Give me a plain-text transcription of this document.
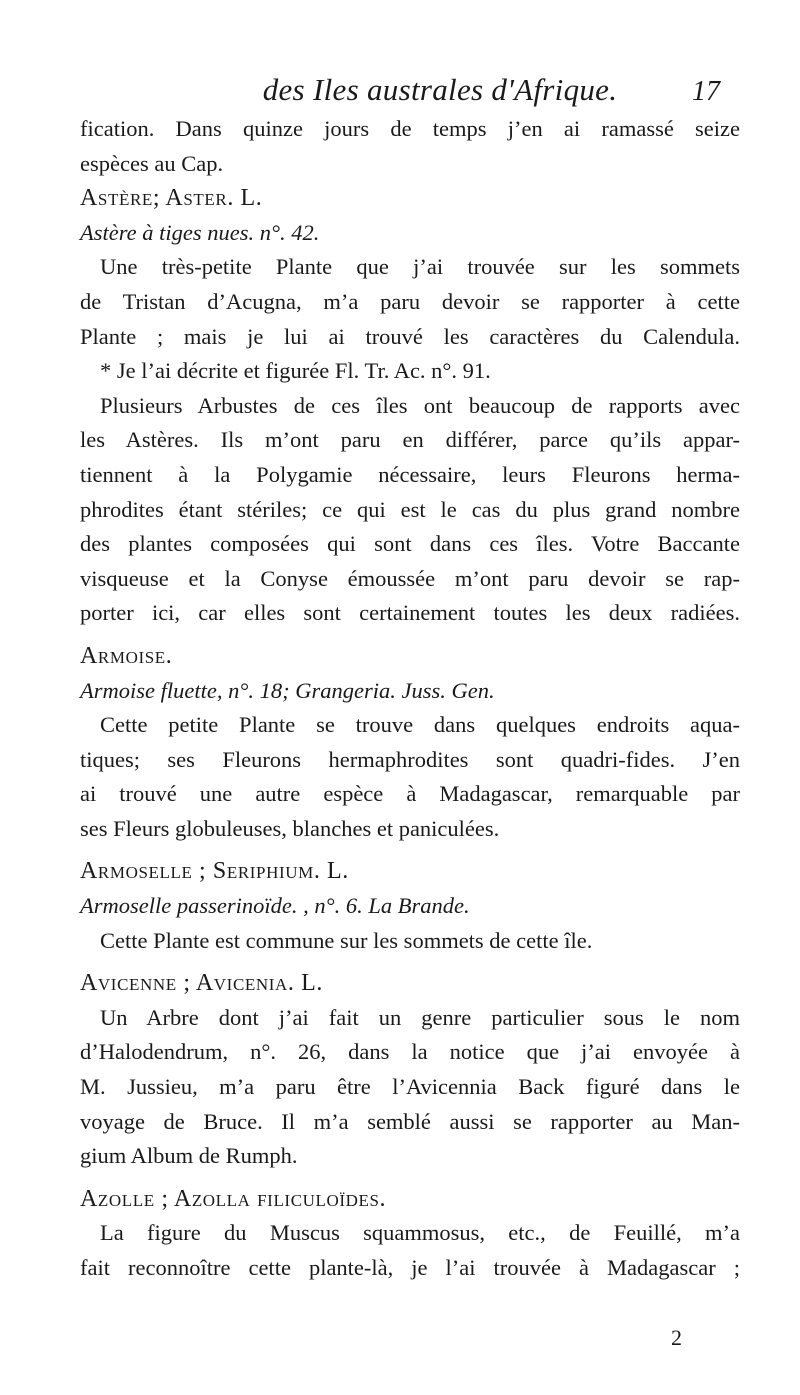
des Iles australes d'Afrique.	17
fication. Dans quinze jours de temps j’en ai ramassé seize
espèces au Cap.
Astère; Aster. L.
Astère à tiges nues. n°. 42.
Une très-petite Plante que j’ai trouvée sur les sommets
de Tristan d’Acugna, m’a paru devoir se rapporter à cette
Plante ; mais je lui ai trouvé les caractères du Calendula.
* Je l’ai décrite et figurée Fl. Tr. Ac. n°. 91.
Plusieurs Arbustes de ces îles ont beaucoup de rapports avec
les Astères. Ils m’ont paru en différer, parce qu’ils appar-
tiennent à la Polygamie nécessaire, leurs Fleurons herma-
phrodites étant stériles; ce qui est le cas du plus grand nombre
des plantes composées qui sont dans ces îles. Votre Baccante
visqueuse et la Conyse émoussée m’ont paru devoir se rap-
porter ici, car elles sont certainement toutes les deux radiées.
Armoise.
Armoise fluette, n°. 18; Grangeria. Juss. Gen.
Cette petite Plante se trouve dans quelques endroits aqua-
tiques; ses Fleurons hermaphrodites sont quadri-fides. J’en
ai trouvé une autre espèce à Madagascar, remarquable par
ses Fleurs globuleuses, blanches et paniculées.
Armoselle ; Seriphium. L.
Armoselle passerinoïde. , n°. 6. La Brande.
Cette Plante est commune sur les sommets de cette île.
Avicenne ; Avicenia. L.
Un Arbre dont j’ai fait un genre particulier sous le nom
d’Halodendrum, n°. 26, dans la notice que j’ai envoyée à
M. Jussieu, m’a paru être l’Avicennia Back figuré dans le
voyage de Bruce. Il m’a semblé aussi se rapporter au Man-
gium Album de Rumph.
Azolle ; Azolla filiculoïdes.
La figure du Muscus squammosus, etc., de Feuillé, m’a
fait reconnoître cette plante-là, je l’ai trouvée à Madagascar ;
2
